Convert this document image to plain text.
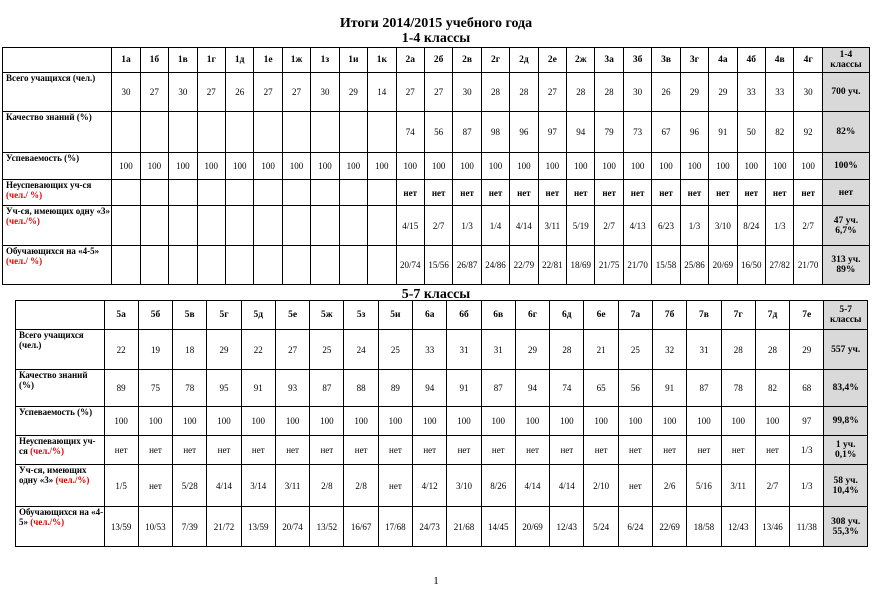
Итоги 2014/2015 учебного года
1-4 классы
	1а	1б	1в	1г	1д	1е	1ж	1з	1и	1к	2а	2б	2в	2г	2д	2е	2ж	3а	3б	3в	3г	4а	4б	4в	4г	1-4 классы
Всего учащихся (чел.)	30	27	30	27	26	27	27	30	29	14	27	27	30	28	28	27	28	28	30	26	29	29	33	33	30	700 уч.
Качество знаний (%)											74	56	87	98	96	97	94	79	73	67	96	91	50	82	92	82%
Успеваемость (%)	100	100	100	100	100	100	100	100	100	100	100	100	100	100	100	100	100	100	100	100	100	100	100	100	100	100%
Неуспевающих уч-ся (чел./ %)											нет	нет	нет	нет	нет	нет	нет	нет	нет	нет	нет	нет	нет	нет	нет	нет
Уч-ся, имеющих одну «3» (чел./%)											4/15	2/7	1/3	1/4	4/14	3/11	5/19	2/7	4/13	6/23	1/3	3/10	8/24	1/3	2/7	47 уч. 6,7%
Обучающихся на «4-5» (чел./ %)											20/74	15/56	26/87	24/86	22/79	22/81	18/69	21/75	21/70	15/58	25/86	20/69	16/50	27/82	21/70	313 уч. 89%
5-7 классы
	5а	5б	5в	5г	5д	5е	5ж	5з	5и	6а	6б	6в	6г	6д	6е	7а	7б	7в	7г	7д	7е	5-7 классы
Всего учащихся (чел.)	22	19	18	29	22	27	25	24	25	33	31	31	29	28	21	25	32	31	28	28	29	557 уч.
Качество знаний (%)	89	75	78	95	91	93	87	88	89	94	91	87	94	74	65	56	91	87	78	82	68	83,4%
Успеваемость (%)	100	100	100	100	100	100	100	100	100	100	100	100	100	100	100	100	100	100	100	100	97	99,8%
Неуспевающих уч-ся (чел./%)	нет	нет	нет	нет	нет	нет	нет	нет	нет	нет	нет	нет	нет	нет	нет	нет	нет	нет	нет	нет	1/3	1 уч. 0,1%
Уч-ся, имеющих одну «3» (чел./%)	1/5	нет	5/28	4/14	3/14	3/11	2/8	2/8	нет	4/12	3/10	8/26	4/14	4/14	2/10	нет	2/6	5/16	3/11	2/7	1/3	58 уч. 10,4%
Обучающихся на «4-5» (чел./%)	13/59	10/53	7/39	21/72	13/59	20/74	13/52	16/67	17/68	24/73	21/68	14/45	20/69	12/43	5/24	6/24	22/69	18/58	12/43	13/46	11/38	308 уч. 55,3%
1
